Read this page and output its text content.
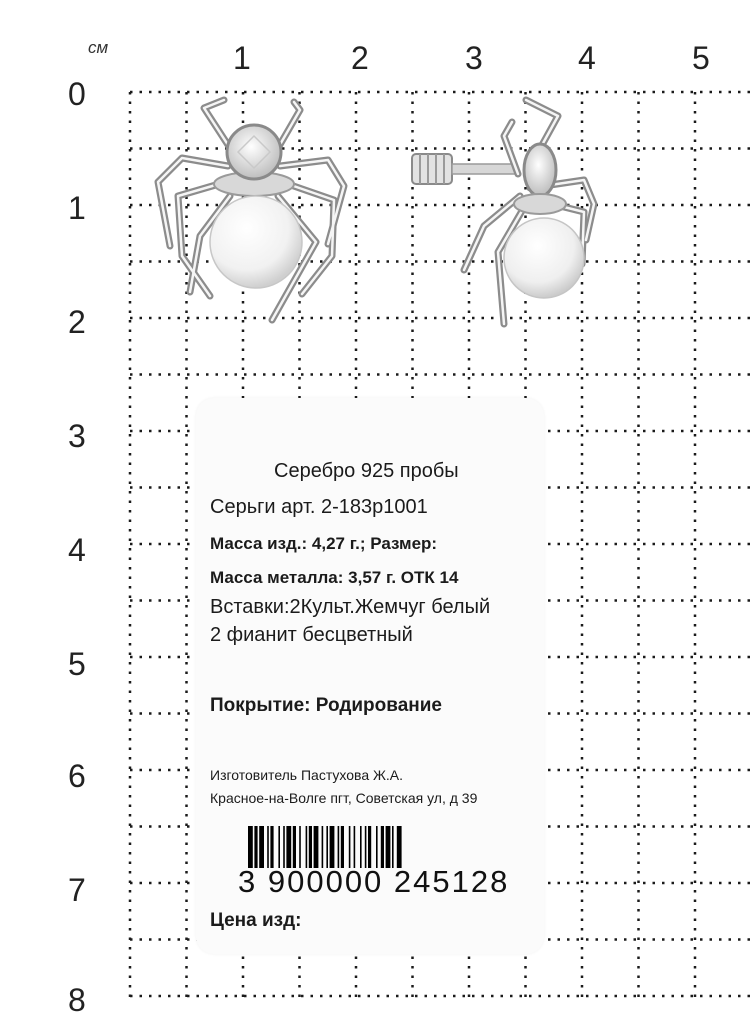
см	1	2	3	4	5
0
1
2
3
4
5
6
7
8
Серебро 925 пробы
Серьги арт. 2-183р1001
Масса изд.: 4,27 г.; Размер:
Масса металла: 3,57 г. ОТК 14
Вставки:2Культ.Жемчуг белый
2 фианит бесцветный
Покрытие: Родирование
Изготовитель Пастухова Ж.А.
Красное-на-Волге пгт, Советская ул, д 39
3 900000 245128
Цена изд:
